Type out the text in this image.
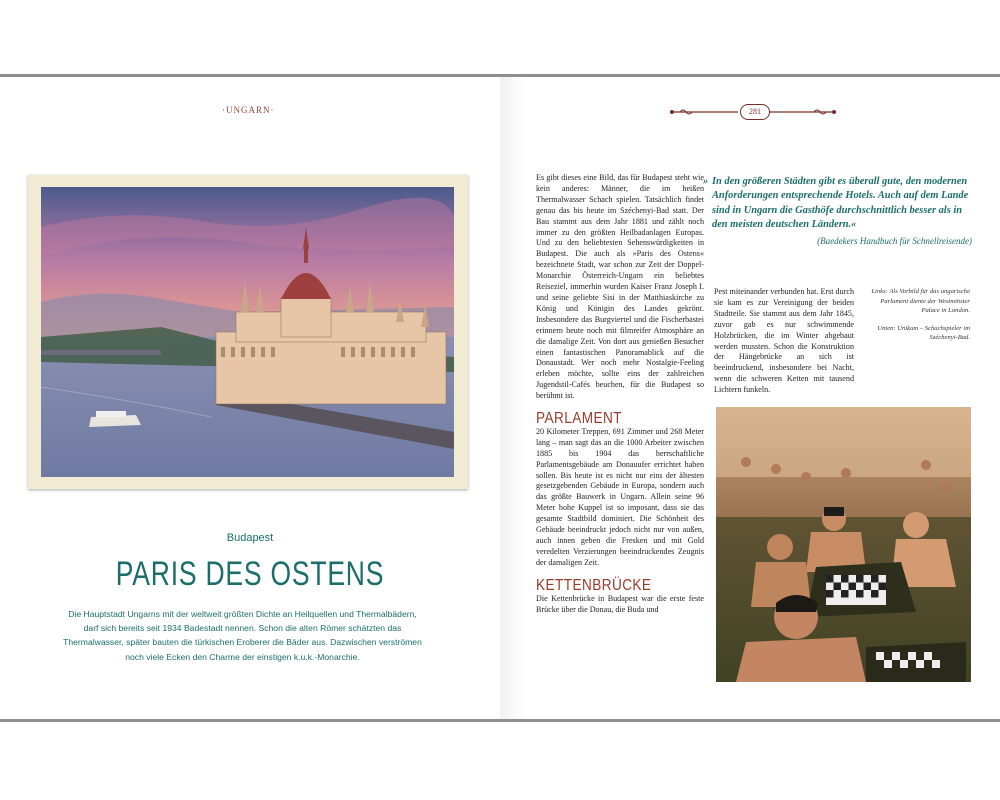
·UNGARN·
Budapest
PARIS DES OSTENS
Die Hauptstadt Ungarns mit der weltweit größten Dichte an Heilquellen und Thermalbädern, darf sich bereits seit 1934 Badestadt nennen. Schon die alten Römer schätzten das Thermalwasser, später bauten die türkischen Eroberer die Bäder aus. Dazwischen verströmen noch viele Ecken den Charme der einstigen k.u.k.-Monarchie.
281

Es gibt dieses eine Bild, das für Budapest steht wie kein anderes: Männer, die im heißen Thermalwasser Schach spielen. Tatsächlich findet genau das bis heute im Széchenyi-Bad statt. Der Bau stammt aus dem Jahr 1881 und zählt noch immer zu den größten Heilbadanlagen Europas. Und zu den beliebtesten Sehenswürdigkeiten in Budapest. Die auch als »Paris des Ostens« bezeichnete Stadt, war schon zur Zeit der Doppel-Monarchie Österreich-Ungarn ein beliebtes Reiseziel, immerhin wurden Kaiser Franz Joseph I. und seine geliebte Sisi in der Matthiaskirche zu König und Königin des Landes gekrönt. Insbesondere das Burgviertel und die Fischerbastei erinnern heute noch mit filmreifer Atmosphäre an die damalige Zeit. Von dort aus genießen Besucher einen fantastischen Panoramablick auf die Donaustadt. Wer noch mehr Nostalgie-Feeling erleben möchte, sollte eins der zahlreichen Jugendstil-Cafés beuchen, für die Budapest so berühmt ist.

PARLAMENT

20 Kilometer Treppen, 691 Zimmer und 268 Meter lang – man sagt das an die 1000 Arbeiter zwischen 1885 bis 1904 das herrschaftliche Parlamentsgebäude am Donauufer errichtet haben sollen. Bis heute ist es nicht nur eins der ältesten gesetzgebenden Gebäude in Europa, sondern auch das größte Bauwerk in Ungarn. Allein seine 96 Meter hohe Kuppel ist so imposant, dass sie das gesamte Stadtbild dominiert. Die Schönheit des Gebäude beeindruckt jedoch nicht nur von außen, auch innen geben die Fresken und mit Gold veredelten Verzierungen beeindruckendes Zeugnis der damaligen Zeit.

KETTENBRÜCKE

Die Kettenbrücke in Budapest war die erste feste Brücke über die Donau, die Buda und

» In den größeren Städten gibt es überall gute, den modernen Anforderungen entsprechende Hotels. Auch auf dem Lande sind in Ungarn die Gasthöfe durchschnittlich besser als in den meisten deutschen Ländern.«
(Baedekers Handbuch für Schnellreisende)

Pest miteinander verbunden hat. Erst durch sie kam es zur Vereinigung der beiden Stadtteile. Sie stammt aus dem Jahr 1845, zuvor gab es nur schwimmende Holzbrücken, die im Winter abgebaut werden mussten. Schon die Konstruktion der Hängebrücke an sich ist beeindruckend, insbesondere bei Nacht, wenn die schweren Ketten mit tausend Lichtern funkeln.

Links: Als Vorbild für das ungarische Parlament diente der Westminster Palace in London.

Unten: Unikum – Schachspieler im Széchenyi-Bad.
